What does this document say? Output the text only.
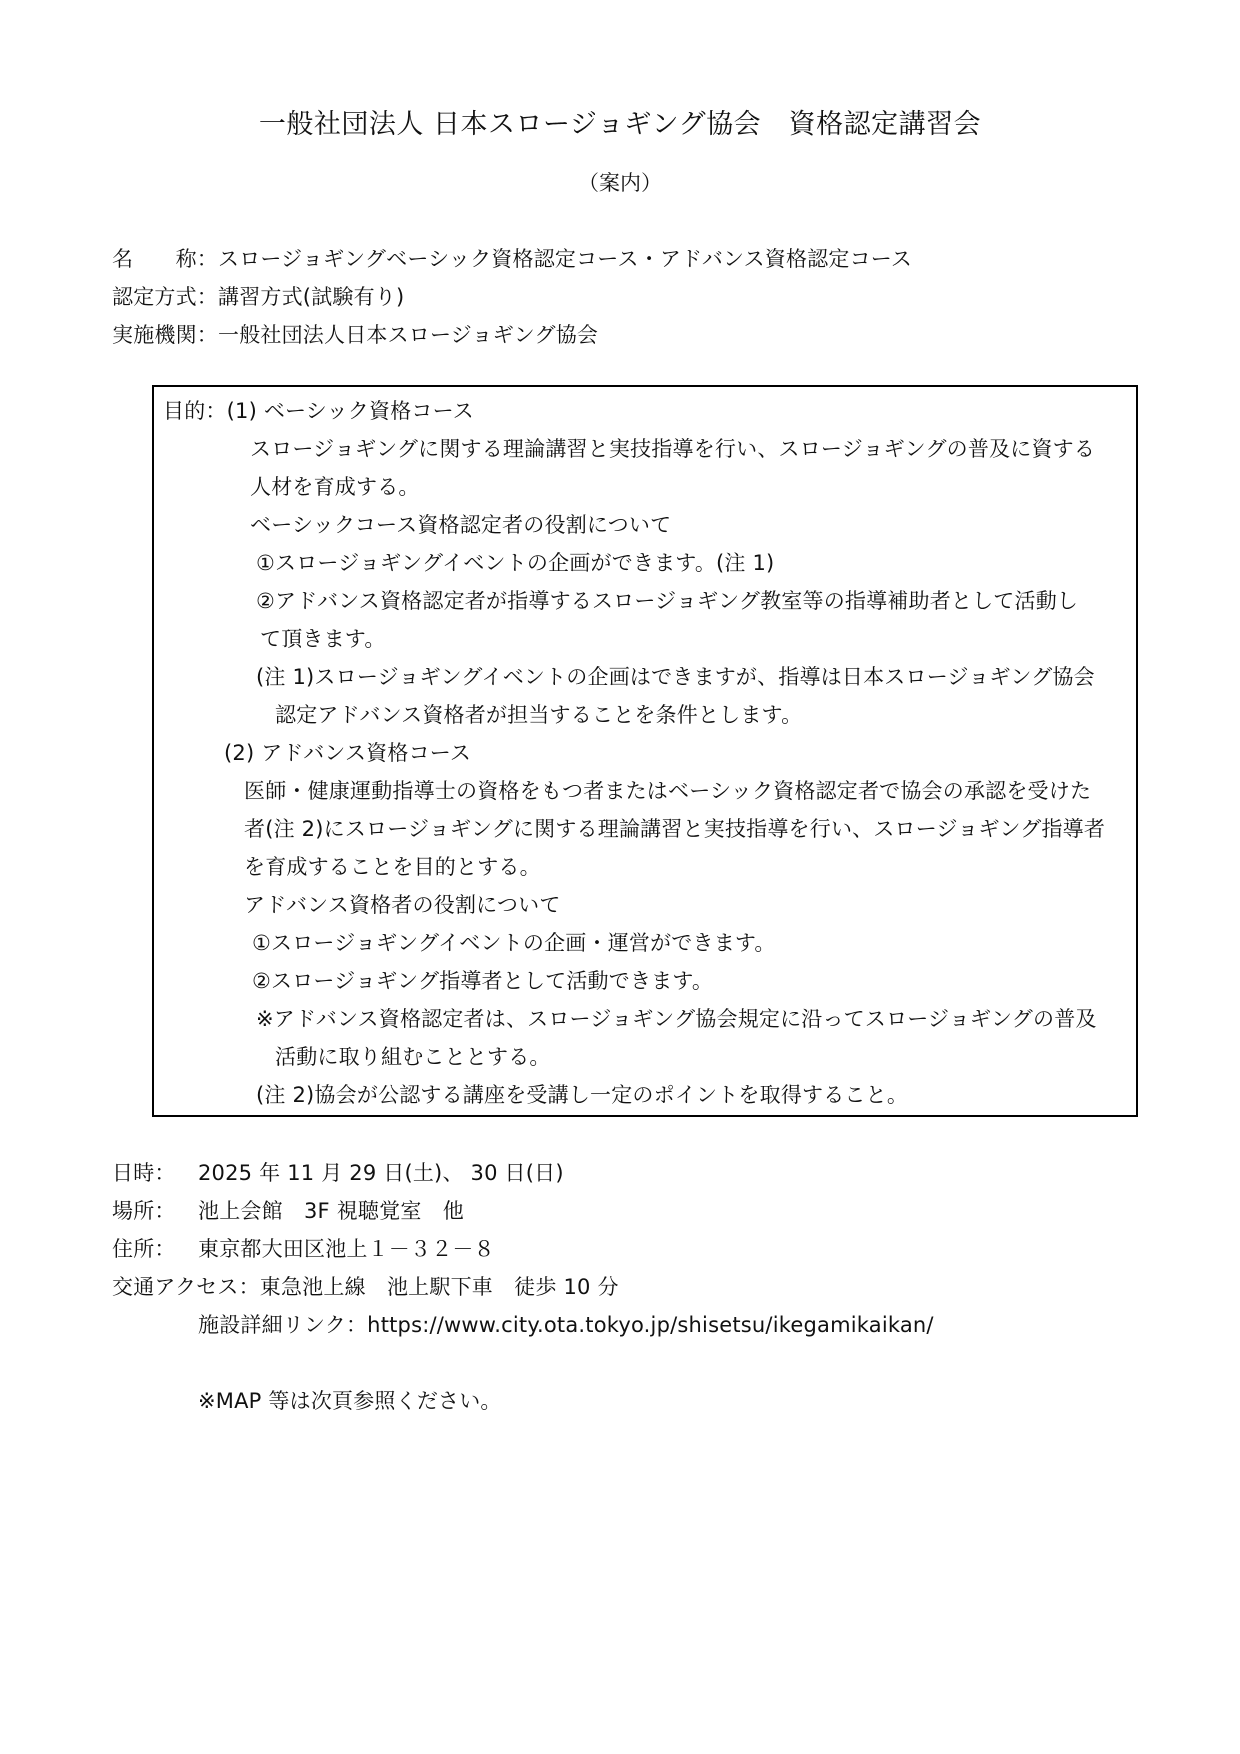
一般社団法人 日本スロージョギング協会　資格認定講習会
（案内）
名　　称：スロージョギングベーシック資格認定コース・アドバンス資格認定コース
認定方式：講習方式(試験有り)
実施機関：一般社団法人日本スロージョギング協会
目的：(1) ベーシック資格コース
スロージョギングに関する理論講習と実技指導を行い、スロージョギングの普及に資する
人材を育成する。
ベーシックコース資格認定者の役割について
①スロージョギングイベントの企画ができます。(注 1)
②アドバンス資格認定者が指導するスロージョギング教室等の指導補助者として活動し
て頂きます。
(注 1)スロージョギングイベントの企画はできますが、指導は日本スロージョギング協会
認定アドバンス資格者が担当することを条件とします。
(2) アドバンス資格コース
医師・健康運動指導士の資格をもつ者またはベーシック資格認定者で協会の承認を受けた
者(注 2)にスロージョギングに関する理論講習と実技指導を行い、スロージョギング指導者
を育成することを目的とする。
アドバンス資格者の役割について
①スロージョギングイベントの企画・運営ができます。
②スロージョギング指導者として活動できます。
※アドバンス資格認定者は、スロージョギング協会規定に沿ってスロージョギングの普及
活動に取り組むこととする。
(注 2)協会が公認する講座を受講し一定のポイントを取得すること。
日時： 2025 年 11 月 29 日(土)、 30 日(日)
場所： 池上会館　3F 視聴覚室　他
住所： 東京都大田区池上１－３２－８
交通アクセス：東急池上線　池上駅下車　徒歩 10 分
施設詳細リンク：https://www.city.ota.tokyo.jp/shisetsu/ikegamikaikan/
※MAP 等は次頁参照ください。
